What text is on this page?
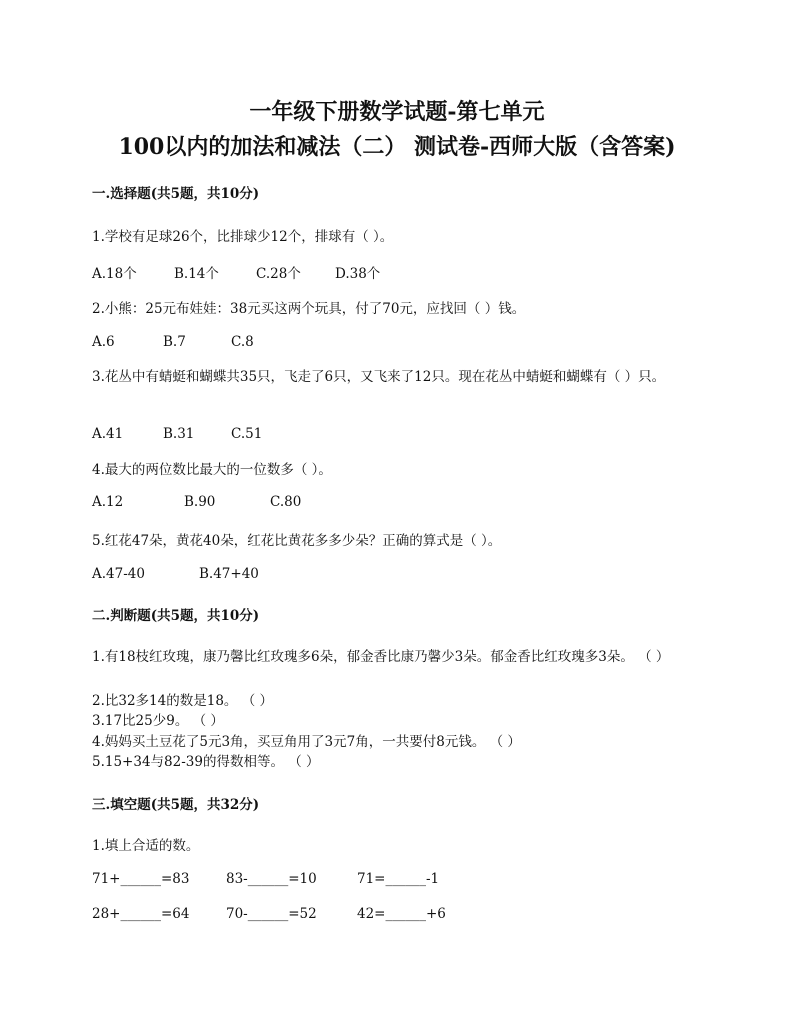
一年级下册数学试题-第七单元
100以内的加法和减法（二） 测试卷-西师大版（含答案)
一.选择题(共5题，共10分)
1.学校有足球26个，比排球少12个，排球有（ ）。
A.18个	B.14个	C.28个	D.38个
2.小熊：25元布娃娃：38元买这两个玩具，付了70元，应找回（ ）钱。
A.6	B.7	C.8
3.花丛中有蜻蜓和蝴蝶共35只，飞走了6只，又飞来了12只。现在花丛中蜻蜓和蝴蝶有（ ）只。
A.41	B.31	C.51
4.最大的两位数比最大的一位数多（ ）。
A.12	B.90	C.80
5.红花47朵，黄花40朵，红花比黄花多多少朵？正确的算式是（ ）。
A.47-40	B.47+40
二.判断题(共5题，共10分)
1.有18枝红玫瑰，康乃馨比红玫瑰多6朵，郁金香比康乃馨少3朵。郁金香比红玫瑰多3朵。 （ ）
2.比32多14的数是18。 （ ）
3.17比25少9。 （ ）
4.妈妈买土豆花了5元3角，买豆角用了3元7角，一共要付8元钱。 （ ）
5.15+34与82-39的得数相等。 （ ）
三.填空题(共5题，共32分)
1.填上合适的数。
71+______=83	83-______=10	71=______-1
28+______=64	70-______=52	42=______+6
